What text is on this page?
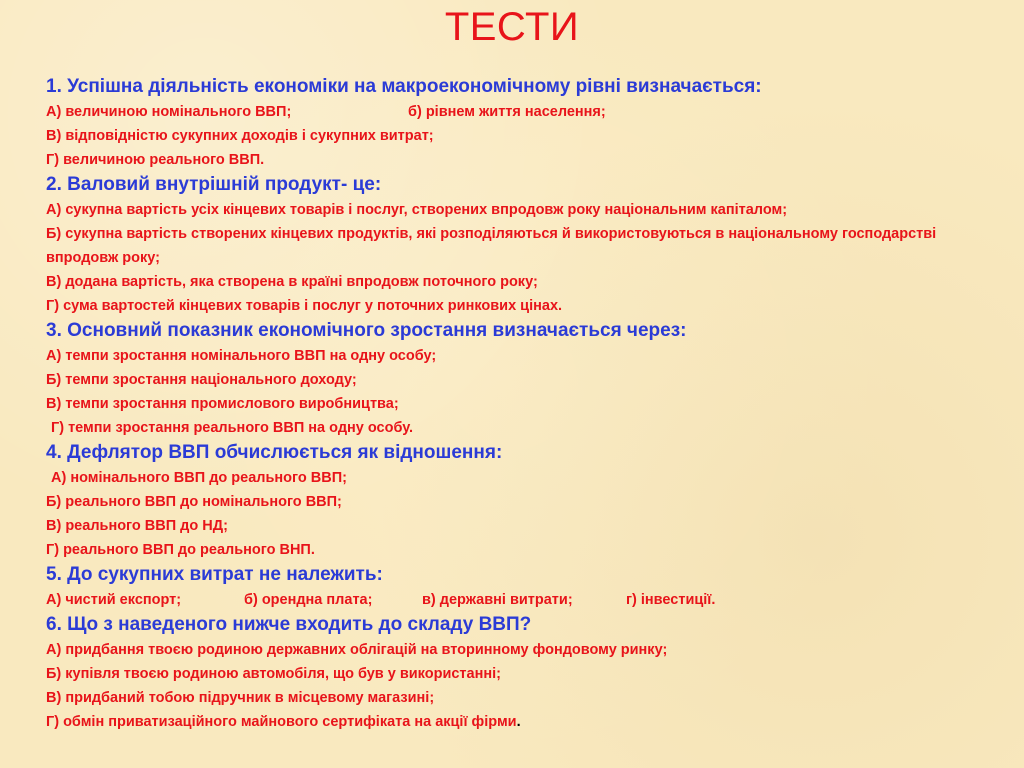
ТЕСТИ

1. Успішна діяльність економіки на макроекономічному рівні визначається:

А) величиною номінального ВВП;	б) рівнем життя населення;

В) відповідністю сукупних доходів і сукупних витрат;

Г) величиною реального ВВП.

2. Валовий внутрішній продукт- це:

А) сукупна вартість усіх кінцевих товарів і послуг, створених впродовж року національним капіталом;

Б) сукупна вартість створених кінцевих продуктів, які розподіляються й використовуються в національному господарстві впродовж року;

В) додана вартість, яка створена в країні впродовж поточного року;

Г) сума вартостей кінцевих товарів і послуг у поточних ринкових цінах.

3. Основний показник економічного зростання визначається через:

А) темпи зростання номінального ВВП на одну особу;

Б) темпи зростання національного доходу;

В) темпи зростання промислового виробництва;

Г) темпи зростання реального ВВП на одну особу.

4. Дефлятор ВВП обчислюється як відношення:

А) номінального ВВП до реального ВВП;

Б) реального ВВП до номінального ВВП;

В) реального ВВП до НД;

Г) реального ВВП до реального ВНП.

5. До сукупних витрат не належить:

А) чистий експорт;	б) орендна плата;	в) державні витрати;	г) інвестиції.

6. Що з наведеного нижче входить до складу ВВП?

А) придбання твоєю родиною державних облігацій на вторинному фондовому ринку;

Б) купівля твоєю родиною автомобіля, що був у використанні;

В) придбаний тобою підручник в місцевому магазині;

Г) обмін приватизаційного майнового сертифіката на акції фірми.
